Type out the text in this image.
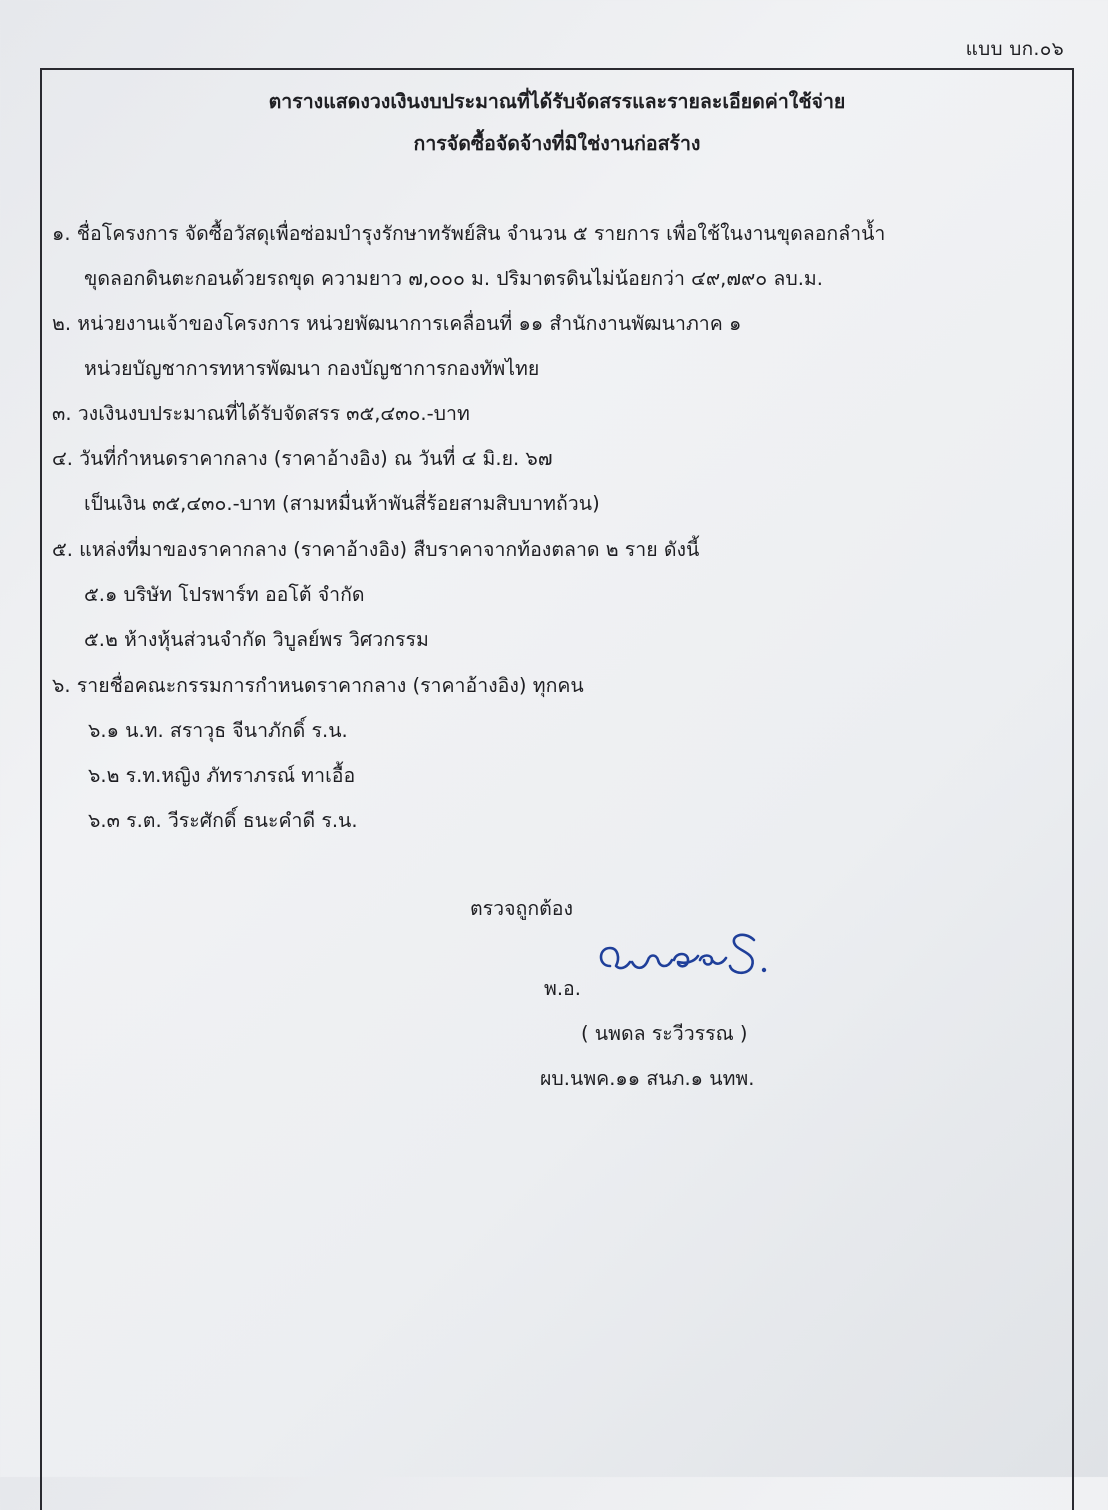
แบบ บก.๐๖
ตารางแสดงวงเงินงบประมาณที่ได้รับจัดสรรและรายละเอียดค่าใช้จ่าย
การจัดซื้อจัดจ้างที่มิใช่งานก่อสร้าง
๑. ชื่อโครงการ จัดซื้อวัสดุเพื่อซ่อมบำรุงรักษาทรัพย์สิน จำนวน ๕ รายการ เพื่อใช้ในงานขุดลอกลำน้ำ
ขุดลอกดินตะกอนด้วยรถขุด ความยาว ๗,๐๐๐ ม. ปริมาตรดินไม่น้อยกว่า ๔๙,๗๙๐ ลบ.ม.
๒. หน่วยงานเจ้าของโครงการ หน่วยพัฒนาการเคลื่อนที่ ๑๑ สำนักงานพัฒนาภาค ๑
หน่วยบัญชาการทหารพัฒนา กองบัญชาการกองทัพไทย
๓. วงเงินงบประมาณที่ได้รับจัดสรร ๓๕,๔๓๐.-บาท
๔. วันที่กำหนดราคากลาง (ราคาอ้างอิง) ณ วันที่ ๔ มิ.ย. ๖๗
เป็นเงิน ๓๕,๔๓๐.-บาท (สามหมื่นห้าพันสี่ร้อยสามสิบบาทถ้วน)
๕. แหล่งที่มาของราคากลาง (ราคาอ้างอิง) สืบราคาจากท้องตลาด ๒ ราย ดังนี้
๕.๑ บริษัท โปรพาร์ท ออโต้ จำกัด
๕.๒ ห้างหุ้นส่วนจำกัด วิบูลย์พร วิศวกรรม
๖. รายชื่อคณะกรรมการกำหนดราคากลาง (ราคาอ้างอิง) ทุกคน
๖.๑ น.ท. สราวุธ จีนาภักดิ์ ร.น.
๖.๒ ร.ท.หญิง ภัทราภรณ์ ทาเอื้อ
๖.๓ ร.ต. วีระศักดิ์ ธนะคำดี ร.น.
ตรวจถูกต้อง
พ.อ.
( นพดล ระวีวรรณ )
ผบ.นพค.๑๑ สนภ.๑ นทพ.
